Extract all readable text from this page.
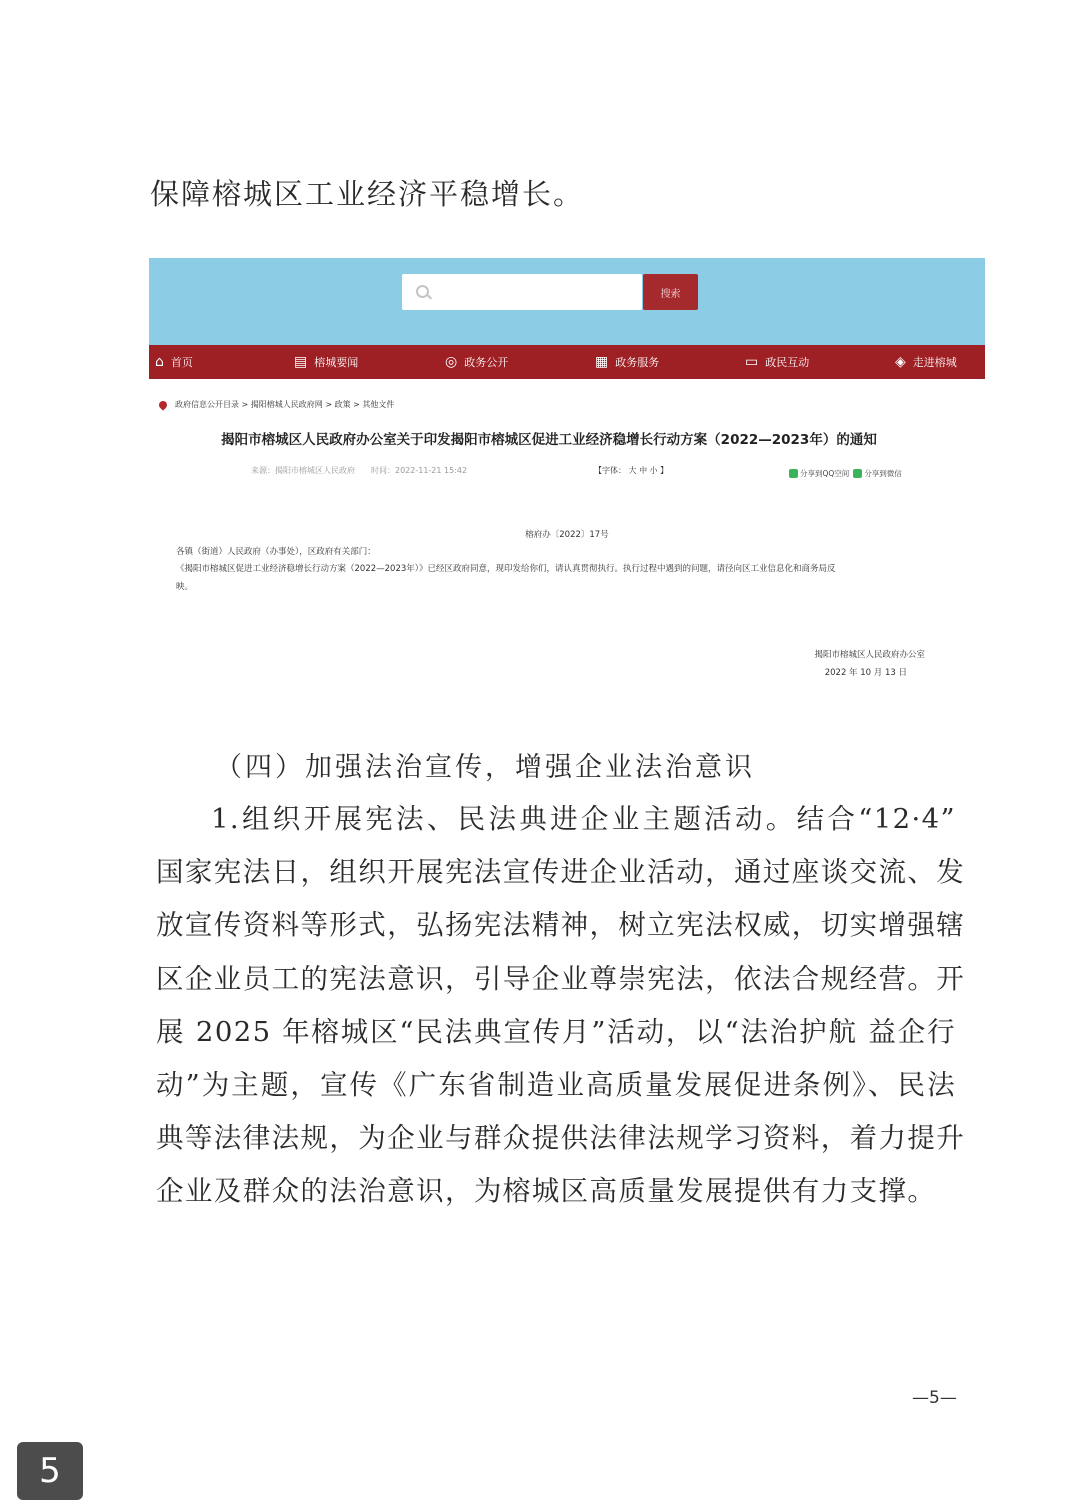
保障榕城区工业经济平稳增长。
搜索
⌂ 首页	▤ 榕城要闻	◎ 政务公开	▦ 政务服务	▭ 政民互动	◈ 走进榕城
政府信息公开目录 > 揭阳榕城人民政府网 > 政策 > 其他文件
揭阳市榕城区人民政府办公室关于印发揭阳市榕城区促进工业经济稳增长行动方案（2022—2023年）的通知
来源：揭阳市榕城区人民政府 时间：2022-11-21 15:42	【字体： 大 中 小 】	分享到QQ空间 分享到微信
榕府办〔2022〕17号
各镇（街道）人民政府（办事处），区政府有关部门：
《揭阳市榕城区促进工业经济稳增长行动方案（2022—2023年）》已经区政府同意，现印发给你们，请认真贯彻执行。执行过程中遇到的问题，请径向区工业信息化和商务局反
映。
揭阳市榕城区人民政府办公室
2022 年 10 月 13 日
（四）加强法治宣传，增强企业法治意识
1.组织开展宪法、民法典进企业主题活动。结合“12·4”
国家宪法日，组织开展宪法宣传进企业活动，通过座谈交流、发
放宣传资料等形式，弘扬宪法精神，树立宪法权威，切实增强辖
区企业员工的宪法意识，引导企业尊崇宪法，依法合规经营。开
展 2025 年榕城区“民法典宣传月”活动，以“法治护航 益企行
动”为主题，宣传《广东省制造业高质量发展促进条例》、民法
典等法律法规，为企业与群众提供法律法规学习资料，着力提升
企业及群众的法治意识，为榕城区高质量发展提供有力支撑。
—5—
5
